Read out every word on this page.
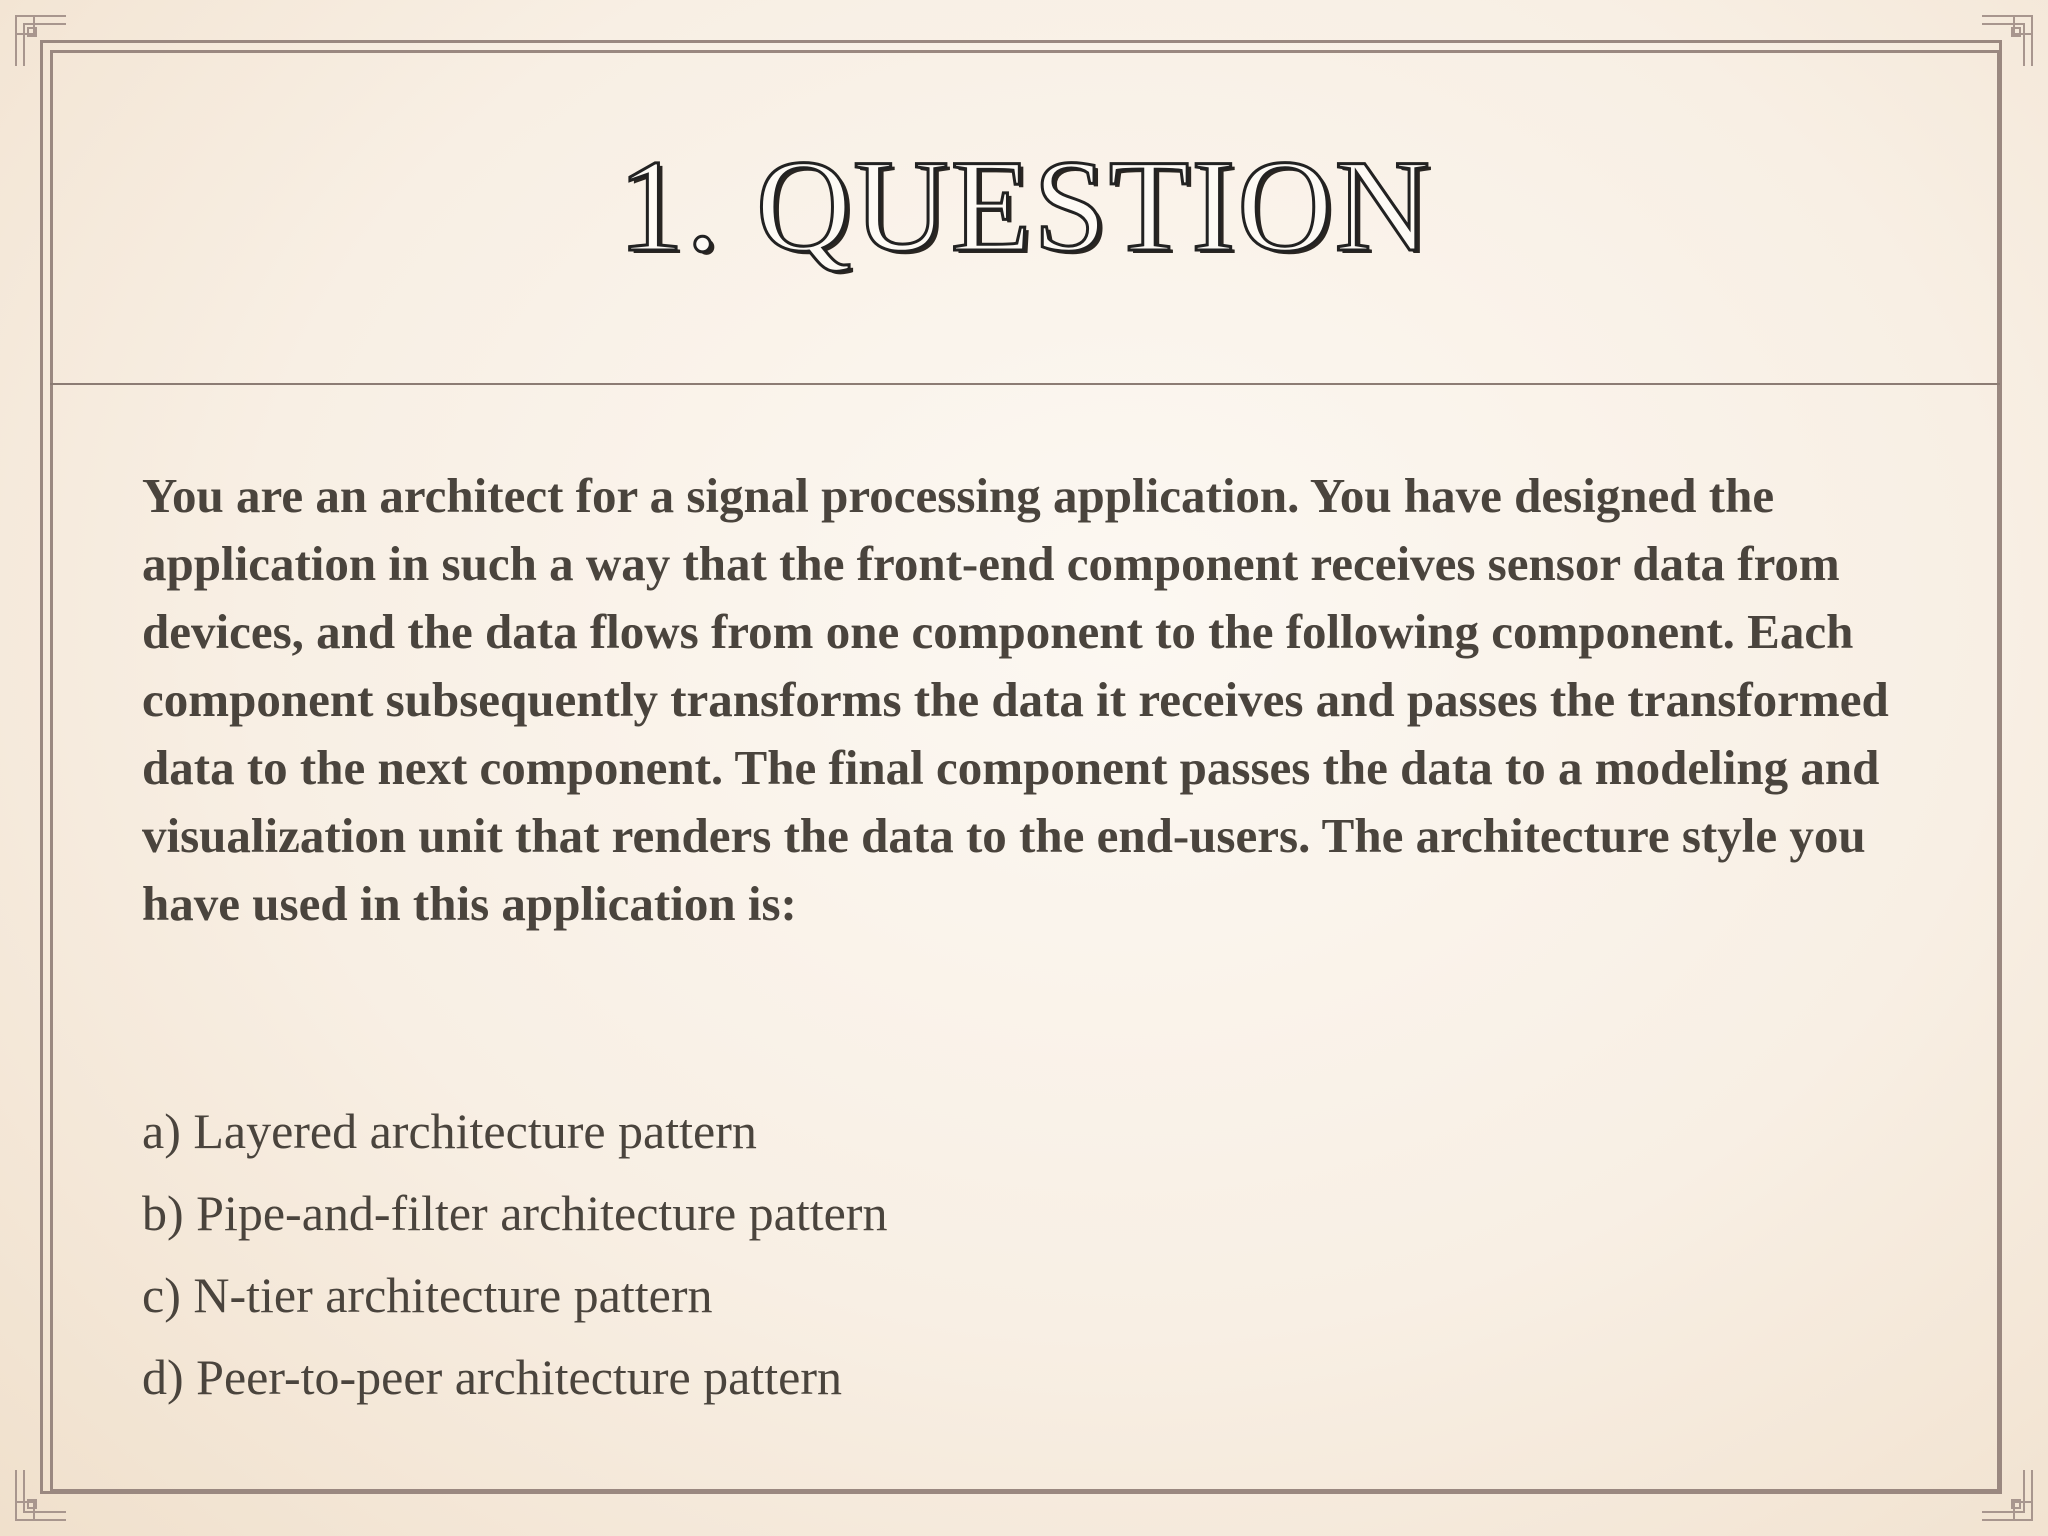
1. QUESTION

You are an architect for a signal processing application. You have designed the application in such a way that the front-end component receives sensor data from devices, and the data flows from one component to the following component. Each component subsequently transforms the data it receives and passes the transformed data to the next component. The final component passes the data to a modeling and visualization unit that renders the data to the end-users. The architecture style you have used in this application is:

a) Layered architecture pattern
b) Pipe-and-filter architecture pattern
c) N-tier architecture pattern
d) Peer-to-peer architecture pattern
